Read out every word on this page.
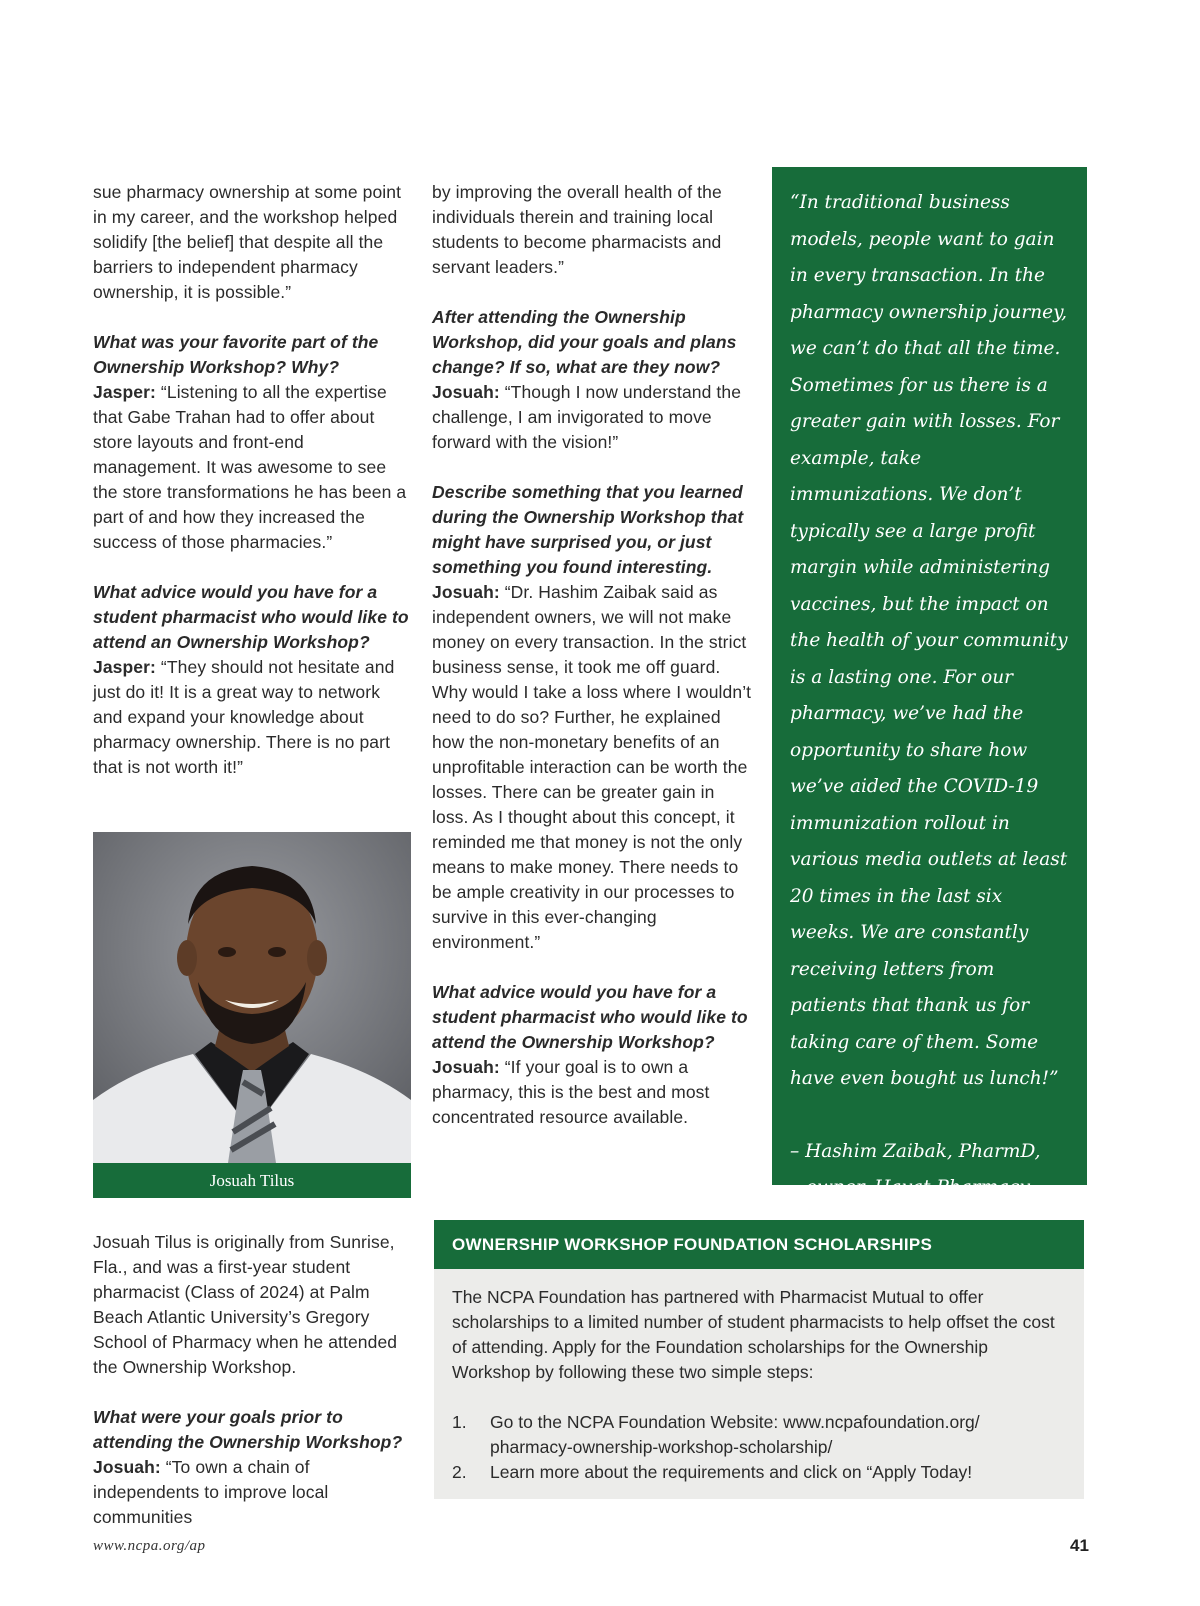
sue pharmacy ownership at some point in my career, and the workshop helped solidify [the belief] that despite all the barriers to independent pharmacy ownership, it is possible.”

What was your favorite part of the Ownership Workshop? Why?

Jasper: “Listening to all the expertise that Gabe Trahan had to offer about store layouts and front-end management. It was awesome to see the store transformations he has been a part of and how they increased the success of those pharmacies.”

What advice would you have for a student pharmacist who would like to attend an Ownership Workshop?

Jasper: “They should not hesitate and just do it! It is a great way to network and expand your knowledge about pharmacy ownership. There is no part that is not worth it!”

Josuah Tilus

Josuah Tilus is originally from Sunrise, Fla., and was a first-year student pharmacist (Class of 2024) at Palm Beach Atlantic University’s Gregory School of Pharmacy when he attended the Ownership Workshop.

What were your goals prior to attending the Ownership Workshop?

Josuah: “To own a chain of independents to improve local communities

by improving the overall health of the individuals therein and training local students to become pharmacists and servant leaders.”

After attending the Ownership Workshop, did your goals and plans change? If so, what are they now?

Josuah: “Though I now understand the challenge, I am invigorated to move forward with the vision!”

Describe something that you learned during the Ownership Workshop that might have surprised you, or just something you found interesting.

Josuah: “Dr. Hashim Zaibak said as independent owners, we will not make money on every transaction. In the strict business sense, it took me off guard. Why would I take a loss where I wouldn’t need to do so? Further, he explained how the non-monetary benefits of an unprofitable interaction can be worth the losses. There can be greater gain in loss. As I thought about this concept, it reminded me that money is not the only means to make money. There needs to be ample creativity in our processes to survive in this ever-changing environment.”

What advice would you have for a student pharmacist who would like to attend the Ownership Workshop?

Josuah: “If your goal is to own a pharmacy, this is the best and most concentrated resource available.

“In traditional business models, people want to gain in every transaction. In the pharmacy ownership journey, we can’t do that all the time. Sometimes for us there is a greater gain with losses. For example, take immunizations. We don’t typically see a large profit margin while administering vaccines, but the impact on the health of your community is a lasting one. For our pharmacy, we’ve had the opportunity to share how we’ve aided the COVID-19 immunization rollout in various media outlets at least 20 times in the last six weeks. We are constantly receiving letters from patients that thank us for taking care of them. Some have even bought us lunch!”

– Hashim Zaibak, PharmD,
owner, Hayat Pharmacy

OWNERSHIP WORKSHOP FOUNDATION SCHOLARSHIPS

The NCPA Foundation has partnered with Pharmacist Mutual to offer scholarships to a limited number of student pharmacists to help offset the cost of attending. Apply for the Foundation scholarships for the Ownership Workshop by following these two simple steps:

1. Go to the NCPA Foundation Website: www.ncpafoundation.org/ pharmacy-ownership-workshop-scholarship/
2. Learn more about the requirements and click on “Apply Today!
www.ncpa.org/ap	41
